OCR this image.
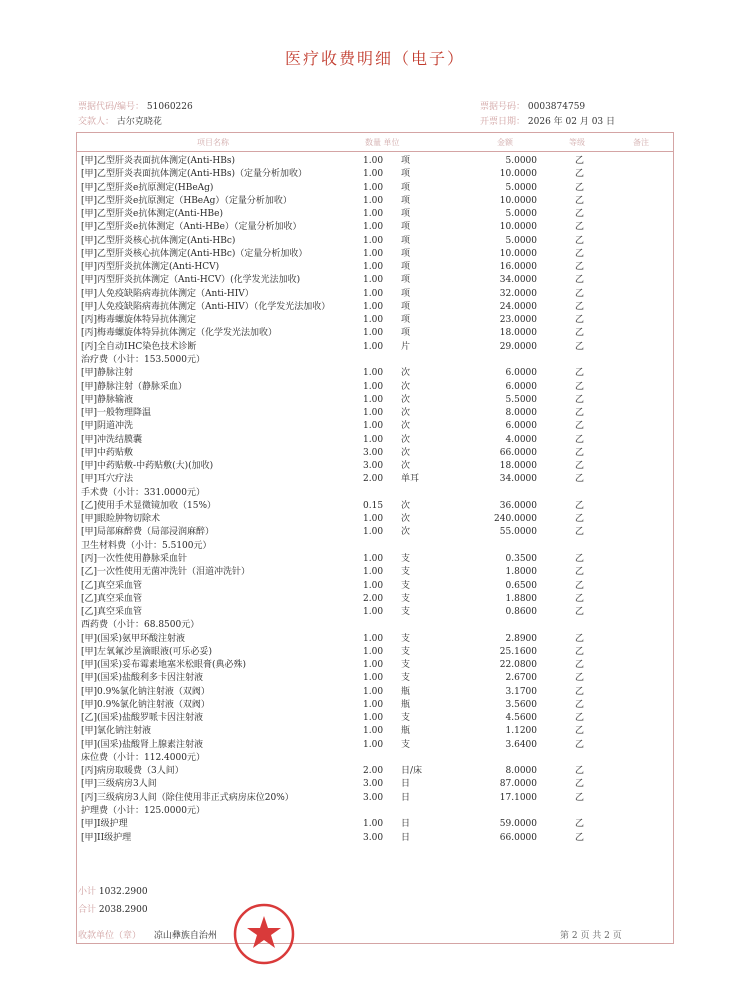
医疗收费明细（电子）
票据代码/编号： 51060226
交款人： 古尔克晓花
票据号码： 0003874759
开票日期： 2026 年 02 月 03 日
项目名称	数量 单位	金额	等级	备注
[甲]乙型肝炎表面抗体测定(Anti-HBs)	1.00 项	5.0000	乙
[甲]乙型肝炎表面抗体测定(Anti-HBs)（定量分析加收）	1.00 项	10.0000	乙
[甲]乙型肝炎e抗原测定(HBeAg)	1.00 项	5.0000	乙
[甲]乙型肝炎e抗原测定（HBeAg）（定量分析加收）	1.00 项	10.0000	乙
[甲]乙型肝炎e抗体测定(Anti-HBe)	1.00 项	5.0000	乙
[甲]乙型肝炎e抗体测定（Anti-HBe）（定量分析加收）	1.00 项	10.0000	乙
[甲]乙型肝炎核心抗体测定(Anti-HBc)	1.00 项	5.0000	乙
[甲]乙型肝炎核心抗体测定(Anti-HBc)（定量分析加收）	1.00 项	10.0000	乙
[甲]丙型肝炎抗体测定(Anti-HCV)	1.00 项	16.0000	乙
[甲]丙型肝炎抗体测定（Anti-HCV）(化学发光法加收)	1.00 项	34.0000	乙
[甲]人免疫缺陷病毒抗体测定（Anti-HIV）	1.00 项	32.0000	乙
[甲]人免疫缺陷病毒抗体测定（Anti-HIV）（化学发光法加收）	1.00 项	24.0000	乙
[丙]梅毒螺旋体特异抗体测定	1.00 项	23.0000	乙
[丙]梅毒螺旋体特异抗体测定（化学发光法加收）	1.00 项	18.0000	乙
[丙]全自动IHC染色技术诊断	1.00 片	29.0000	乙
治疗费（小计：153.5000元）
[甲]静脉注射	1.00 次	6.0000	乙
[甲]静脉注射（静脉采血）	1.00 次	6.0000	乙
[甲]静脉输液	1.00 次	5.5000	乙
[甲]一般物理降温	1.00 次	8.0000	乙
[甲]阴道冲洗	1.00 次	6.0000	乙
[甲]冲洗结膜囊	1.00 次	4.0000	乙
[甲]中药贴敷	3.00 次	66.0000	乙
[甲]中药贴敷-中药贴敷(大)(加收)	3.00 次	18.0000	乙
[甲]耳穴疗法	2.00 单耳	34.0000	乙
手术费（小计：331.0000元）
[乙]使用手术显微镜加收（15%）	0.15 次	36.0000	乙
[甲]眼睑肿物切除术	1.00 次	240.0000	乙
[甲]局部麻醉费（局部浸润麻醉）	1.00 次	55.0000	乙
卫生材料费（小计：5.5100元）
[丙]一次性使用静脉采血针	1.00 支	0.3500	乙
[乙]一次性使用无菌冲洗针（泪道冲洗针）	1.00 支	1.8000	乙
[乙]真空采血管	1.00 支	0.6500	乙
[乙]真空采血管	2.00 支	1.8800	乙
[乙]真空采血管	1.00 支	0.8600	乙
西药费（小计：68.8500元）
[甲](国采)氨甲环酸注射液	1.00 支	2.8900	乙
[甲]左氧氟沙星滴眼液(可乐必妥)	1.00 支	25.1600	乙
[甲](国采)妥布霉素地塞米松眼膏(典必殊)	1.00 支	22.0800	乙
[甲](国采)盐酸利多卡因注射液	1.00 支	2.6700	乙
[甲]0.9%氯化钠注射液（双阀）	1.00 瓶	3.1700	乙
[甲]0.9%氯化钠注射液（双阀）	1.00 瓶	3.5600	乙
[乙](国采)盐酸罗哌卡因注射液	1.00 支	4.5600	乙
[甲]氯化钠注射液	1.00 瓶	1.1200	乙
[甲](国采)盐酸肾上腺素注射液	1.00 支	3.6400	乙
床位费（小计：112.4000元）
[丙]病房取暖费（3人间）	2.00 日/床	8.0000	乙
[甲]三级病房3人间	3.00 日	87.0000	乙
[丙]三级病房3人间（除住使用非正式病房床位20%）	3.00 日	17.1000	乙
护理费（小计：125.0000元）
[甲]I级护理	1.00 日	59.0000	乙
[甲]II级护理	3.00 日	66.0000	乙
小计 1032.2900
合计 2038.2900
收款单位（章） 凉山彝族自治州	第 2 页 共 2 页
